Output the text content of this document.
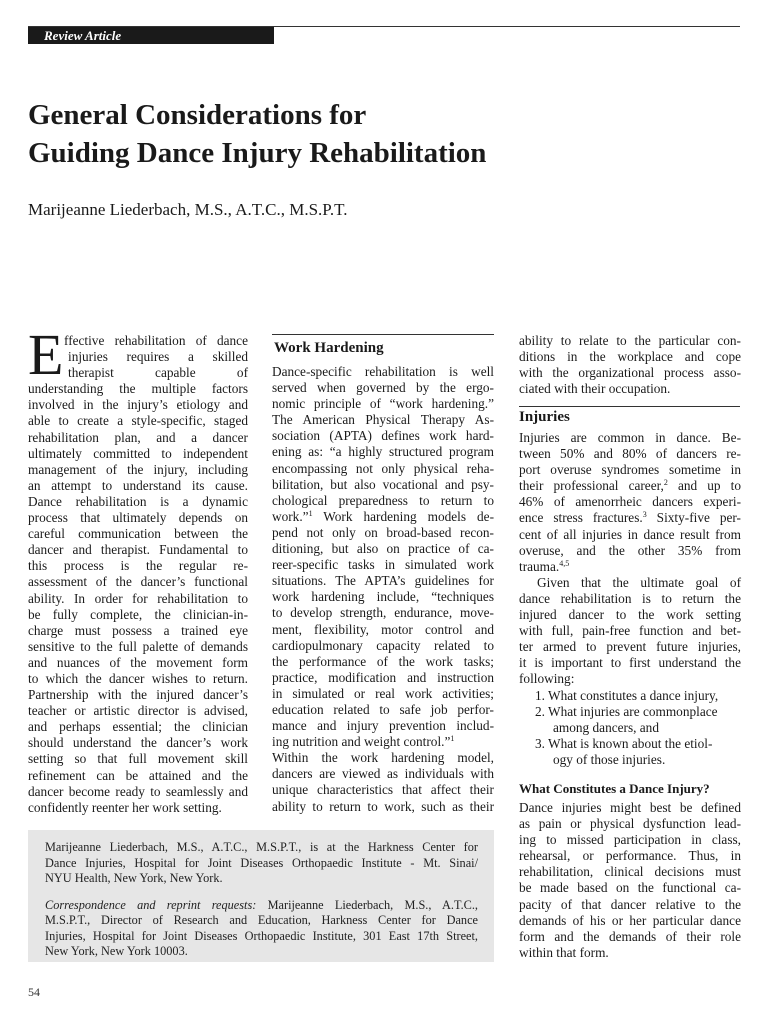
Review Article
General Considerations for
Guiding Dance Injury Rehabilitation
Marijeanne Liederbach, M.S., A.T.C., M.S.P.T.
E ffective rehabilitation of dance
injuries requires a skilled
therapist capable of
understanding the multiple factors
involved in the injury’s etiology and
able to create a style-specific, staged
rehabilitation plan, and a dancer
ultimately committed to independent
management of the injury, including
an attempt to understand its cause.
Dance rehabilitation is a dynamic
process that ultimately depends on
careful communication between the
dancer and therapist. Fundamental to
this process is the regular re-
assessment of the dancer’s functional
ability. In order for rehabilitation to
be fully complete, the clinician-in-
charge must possess a trained eye
sensitive to the full palette of demands
and nuances of the movement form
to which the dancer wishes to return.
Partnership with the injured dancer’s
teacher or artistic director is advised,
and perhaps essential; the clinician
should understand the dancer’s work
setting so that full movement skill
refinement can be attained and the
dancer become ready to seamlessly and
confidently reenter her work setting.
Work Hardening
Dance-specific rehabilitation is well
served when governed by the ergo-
nomic principle of “work hardening.”
The American Physical Therapy As-
sociation (APTA) defines work hard-
ening as: “a highly structured program
encompassing not only physical reha-
bilitation, but also vocational and psy-
chological preparedness to return to
work.”$^1$ Work hardening models de-
pend not only on broad-based recon-
ditioning, but also on practice of ca-
reer-specific tasks in simulated work
situations. The APTA’s guidelines for
work hardening include, “techniques
to develop strength, endurance, move-
ment, flexibility, motor control and
cardiopulmonary capacity related to
the performance of the work tasks;
practice, modification and instruction
in simulated or real work activities;
education related to safe job perfor-
mance and injury prevention includ-
ing nutrition and weight control.”$^1$
Within the work hardening model,
dancers are viewed as individuals with
unique characteristics that affect their
ability to return to work, such as their
ability to relate to the particular con-
ditions in the workplace and cope
with the organizational process asso-
ciated with their occupation.
Injuries
Injuries are common in dance. Be-
tween 50% and 80% of dancers re-
port overuse syndromes sometime in
their professional career,$^2$ and up to
46% of amenorrheic dancers experi-
ence stress fractures.$^3$ Sixty-five per-
cent of all injuries in dance result from
overuse, and the other 35% from
trauma.$^{4,5}$
Given that the ultimate goal of
dance rehabilitation is to return the
injured dancer to the work setting
with full, pain-free function and bet-
ter armed to prevent future injuries,
it is important to first understand the
following:
1. What constitutes a dance injury,
2. What injuries are commonplace
among dancers, and
3. What is known about the etiol-
ogy of those injuries.
What Constitutes a Dance Injury?
Dance injuries might best be defined
as pain or physical dysfunction lead-
ing to missed participation in class,
rehearsal, or performance. Thus, in
rehabilitation, clinical decisions must
be made based on the functional ca-
pacity of that dancer relative to the
demands of his or her particular dance
form and the demands of their role
within that form.
Marijeanne Liederbach, M.S., A.T.C., M.S.P.T., is at the Harkness Center for
Dance Injuries, Hospital for Joint Diseases Orthopaedic Institute - Mt. Sinai/
NYU Health, New York, New York.
Correspondence and reprint requests: Marijeanne Liederbach, M.S., A.T.C.,
M.S.P.T., Director of Research and Education, Harkness Center for Dance
Injuries, Hospital for Joint Diseases Orthopaedic Institute, 301 East 17th Street,
New York, New York 10003.
54
